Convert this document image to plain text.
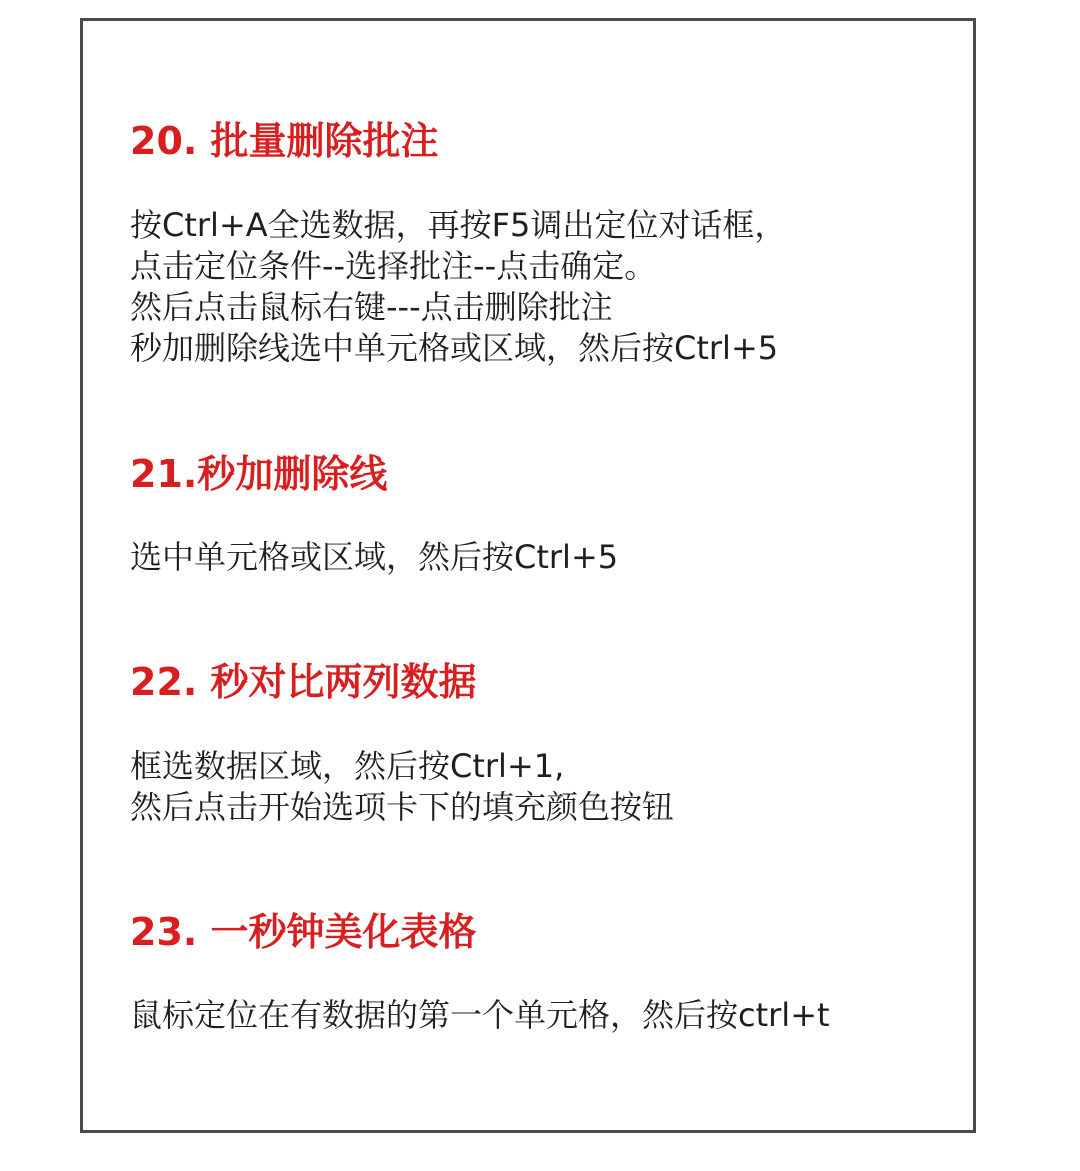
20. 批量删除批注

按Ctrl+A全选数据，再按F5调出定位对话框，
点击定位条件--选择批注--点击确定。
然后点击鼠标右键---点击删除批注
秒加删除线选中单元格或区域，然后按Ctrl+5

21.秒加删除线

选中单元格或区域，然后按Ctrl+5

22. 秒对比两列数据

框选数据区域，然后按Ctrl+1,
然后点击开始选项卡下的填充颜色按钮

23. 一秒钟美化表格

鼠标定位在有数据的第一个单元格，然后按ctrl+t
